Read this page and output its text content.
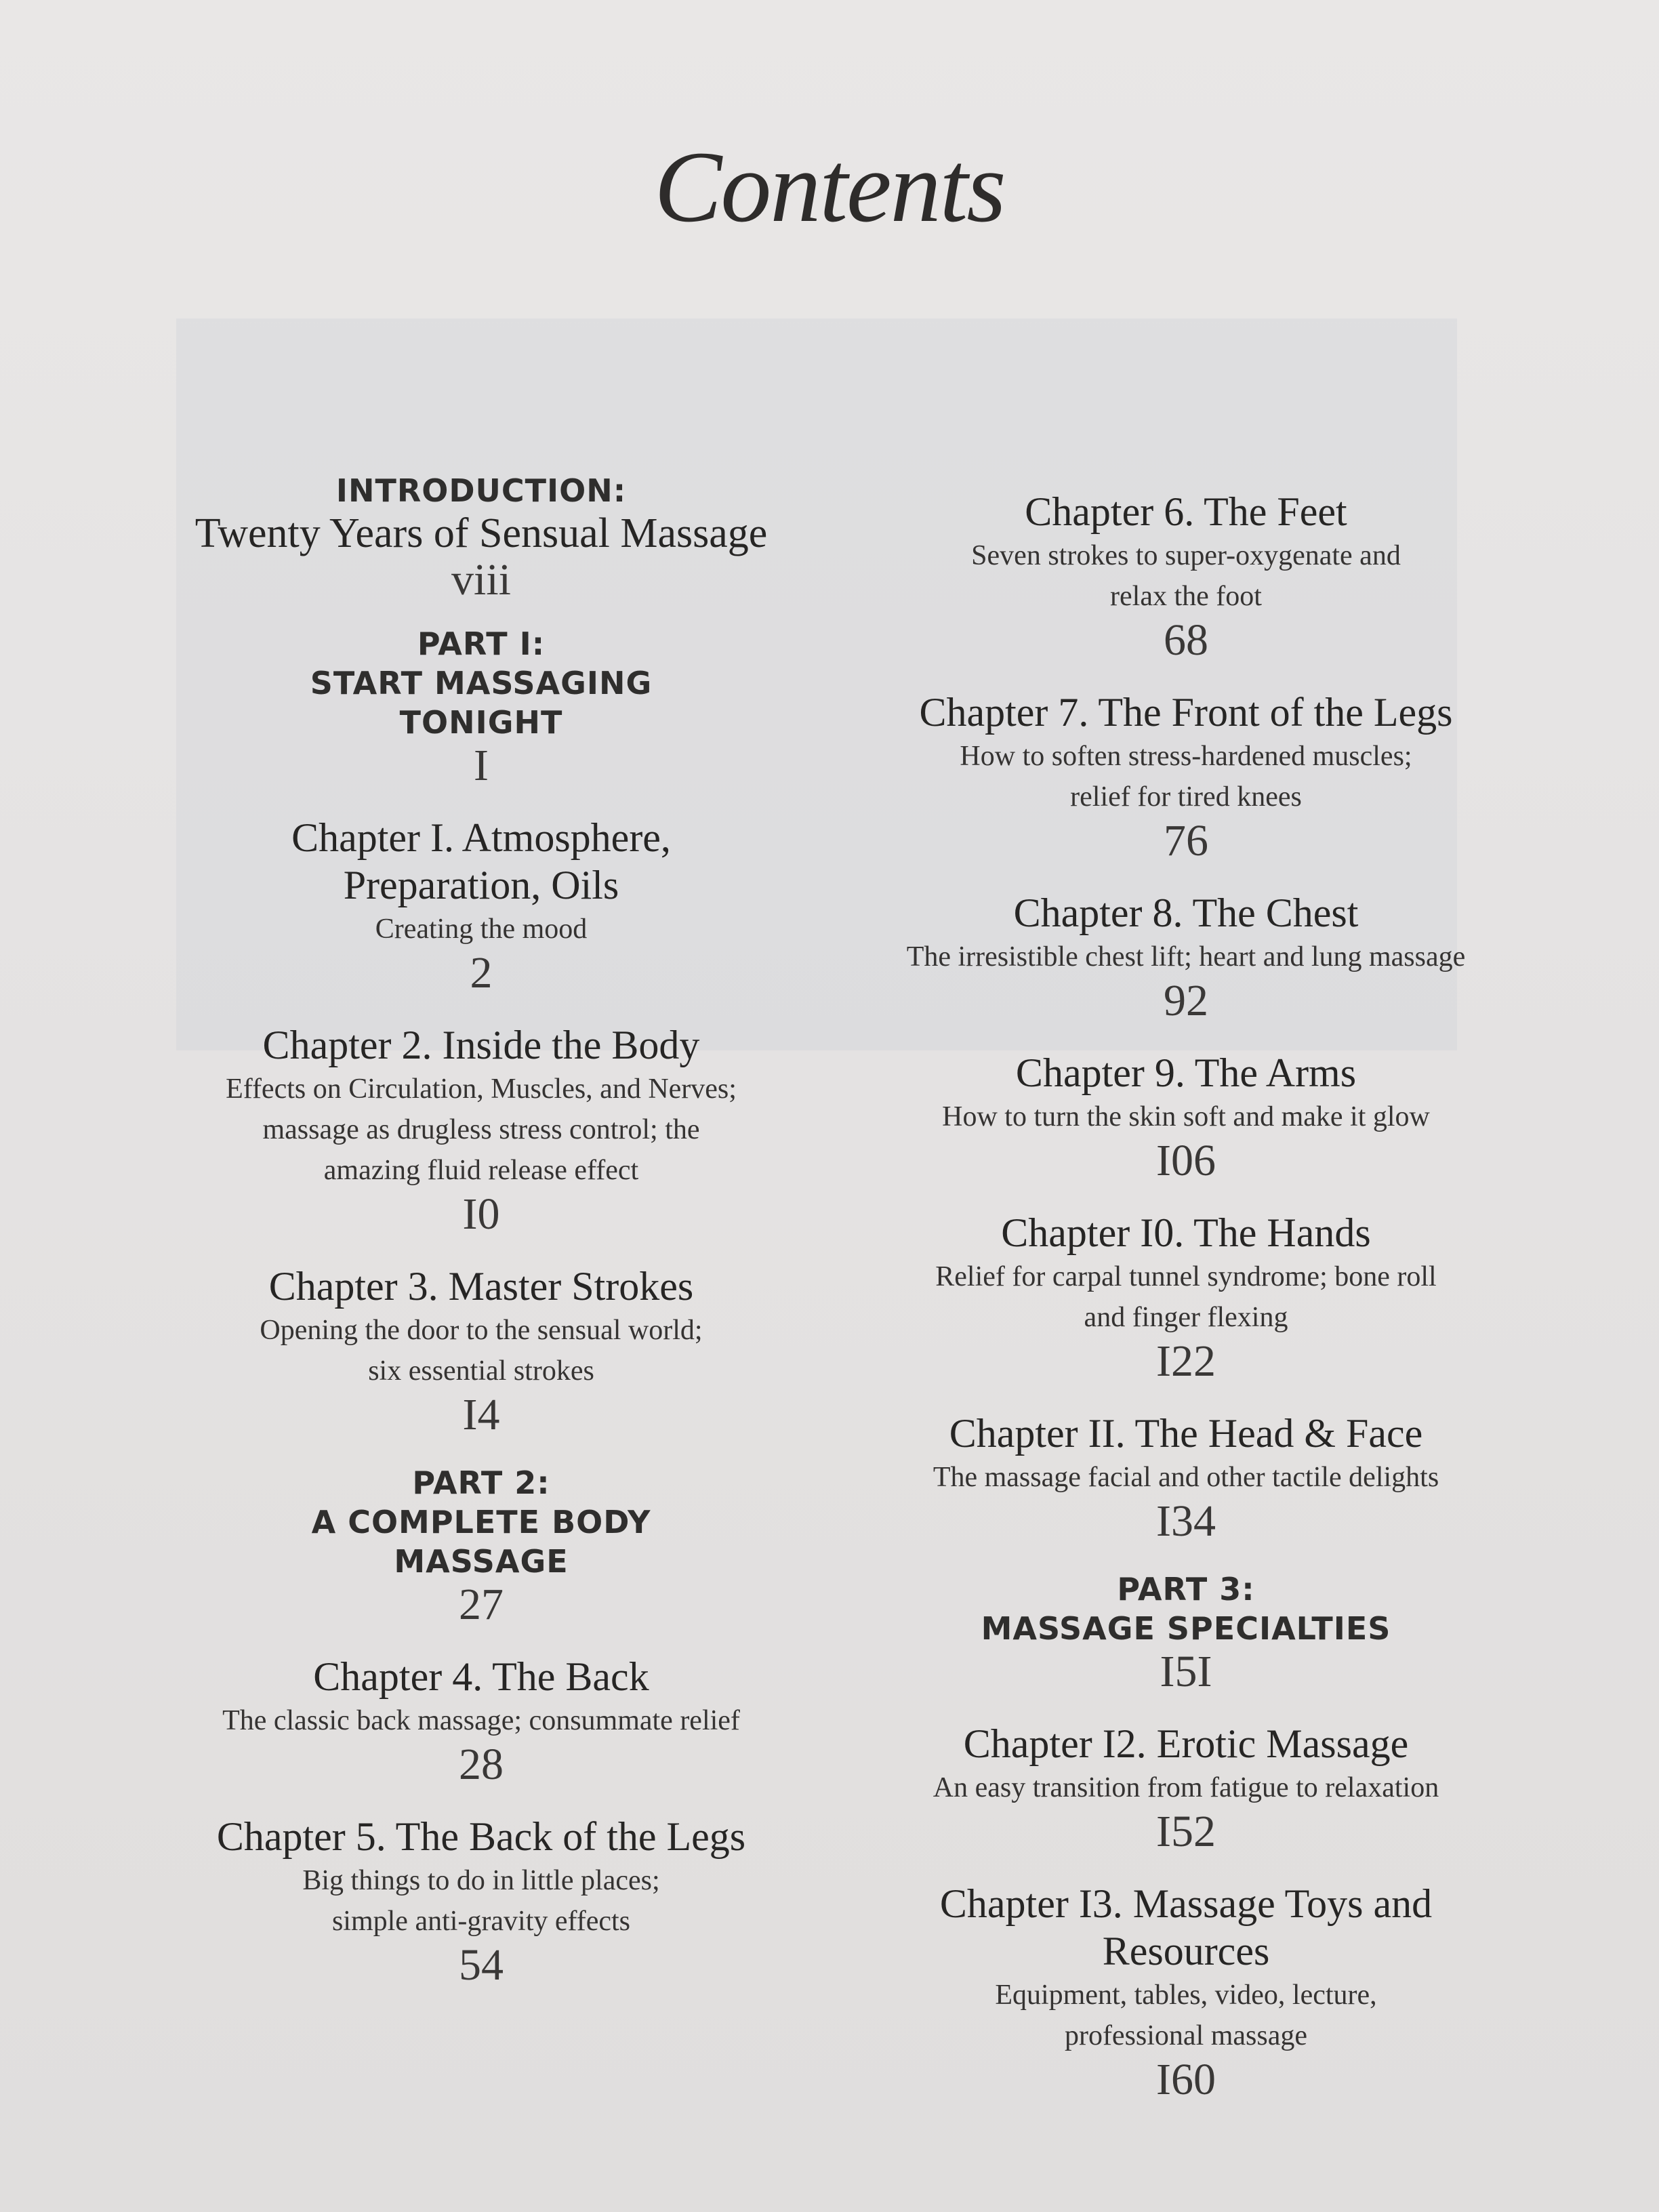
Contents
INTRODUCTION:
Twenty Years of Sensual Massage
viii
PART I:
START MASSAGING
TONIGHT
I
Chapter I. Atmosphere,
Preparation, Oils
Creating the mood
2
Chapter 2. Inside the Body
Effects on Circulation, Muscles, and Nerves;
massage as drugless stress control; the
amazing fluid release effect
I0
Chapter 3. Master Strokes
Opening the door to the sensual world;
six essential strokes
I4
PART 2:
A COMPLETE BODY
MASSAGE
27
Chapter 4. The Back
The classic back massage; consummate relief
28
Chapter 5. The Back of the Legs
Big things to do in little places;
simple anti-gravity effects
54
Chapter 6. The Feet
Seven strokes to super-oxygenate and
relax the foot
68
Chapter 7. The Front of the Legs
How to soften stress-hardened muscles;
relief for tired knees
76
Chapter 8. The Chest
The irresistible chest lift; heart and lung massage
92
Chapter 9. The Arms
How to turn the skin soft and make it glow
I06
Chapter I0. The Hands
Relief for carpal tunnel syndrome; bone roll
and finger flexing
I22
Chapter II. The Head & Face
The massage facial and other tactile delights
I34
PART 3:
MASSAGE SPECIALTIES
I5I
Chapter I2. Erotic Massage
An easy transition from fatigue to relaxation
I52
Chapter I3. Massage Toys and
Resources
Equipment, tables, video, lecture,
professional massage
I60
